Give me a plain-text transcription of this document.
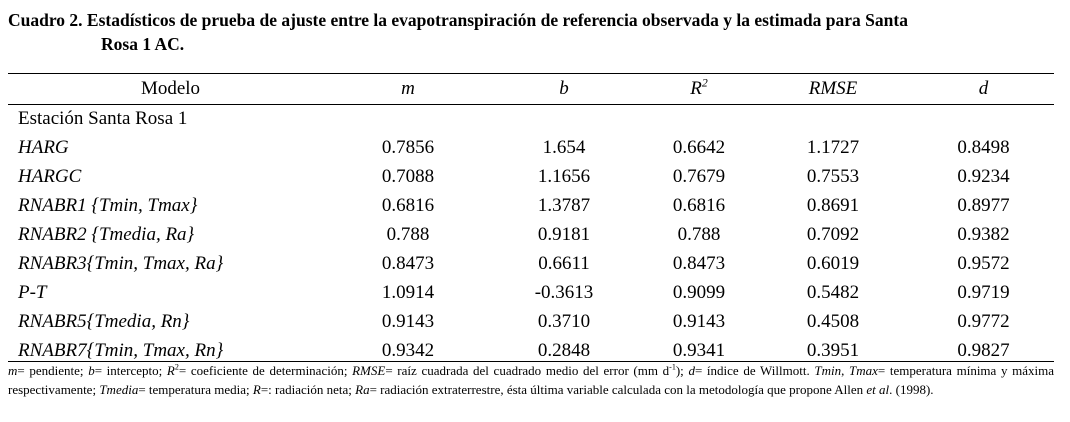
Cuadro 2. Estadísticos de prueba de ajuste entre la evapotranspiración de referencia observada y la estimada para Santa
Rosa 1 AC.
Modelo	m	b	$R^2$	RMSE	d
Estación Santa Rosa 1					
HARG	0.7856	1.654	0.6642	1.1727	0.8498
HARGC	0.7088	1.1656	0.7679	0.7553	0.9234
RNABR1 {Tmin, Tmax}	0.6816	1.3787	0.6816	0.8691	0.8977
RNABR2 {Tmedia, Ra}	0.788	0.9181	0.788	0.7092	0.9382
RNABR3{Tmin, Tmax, Ra}	0.8473	0.6611	0.8473	0.6019	0.9572
P-T	1.0914	-0.3613	0.9099	0.5482	0.9719
RNABR5{Tmedia, Rn}	0.9143	0.3710	0.9143	0.4508	0.9772
RNABR7{Tmin, Tmax, Rn}	0.9342	0.2848	0.9341	0.3951	0.9827
m= pendiente; b= intercepto; $R^2=$ coeficiente de determinación; RMSE= raíz cuadrada del cuadrado medio del error (mm $d^{-1}$); d= índice de Willmott. Tmin, Tmax= temperatura mínima y máxima respectivamente; Tmedia= temperatura media; R=: radiación neta; Ra= radiación extraterrestre, ésta última variable calculada con la metodología que propone Allen et al. (1998).
